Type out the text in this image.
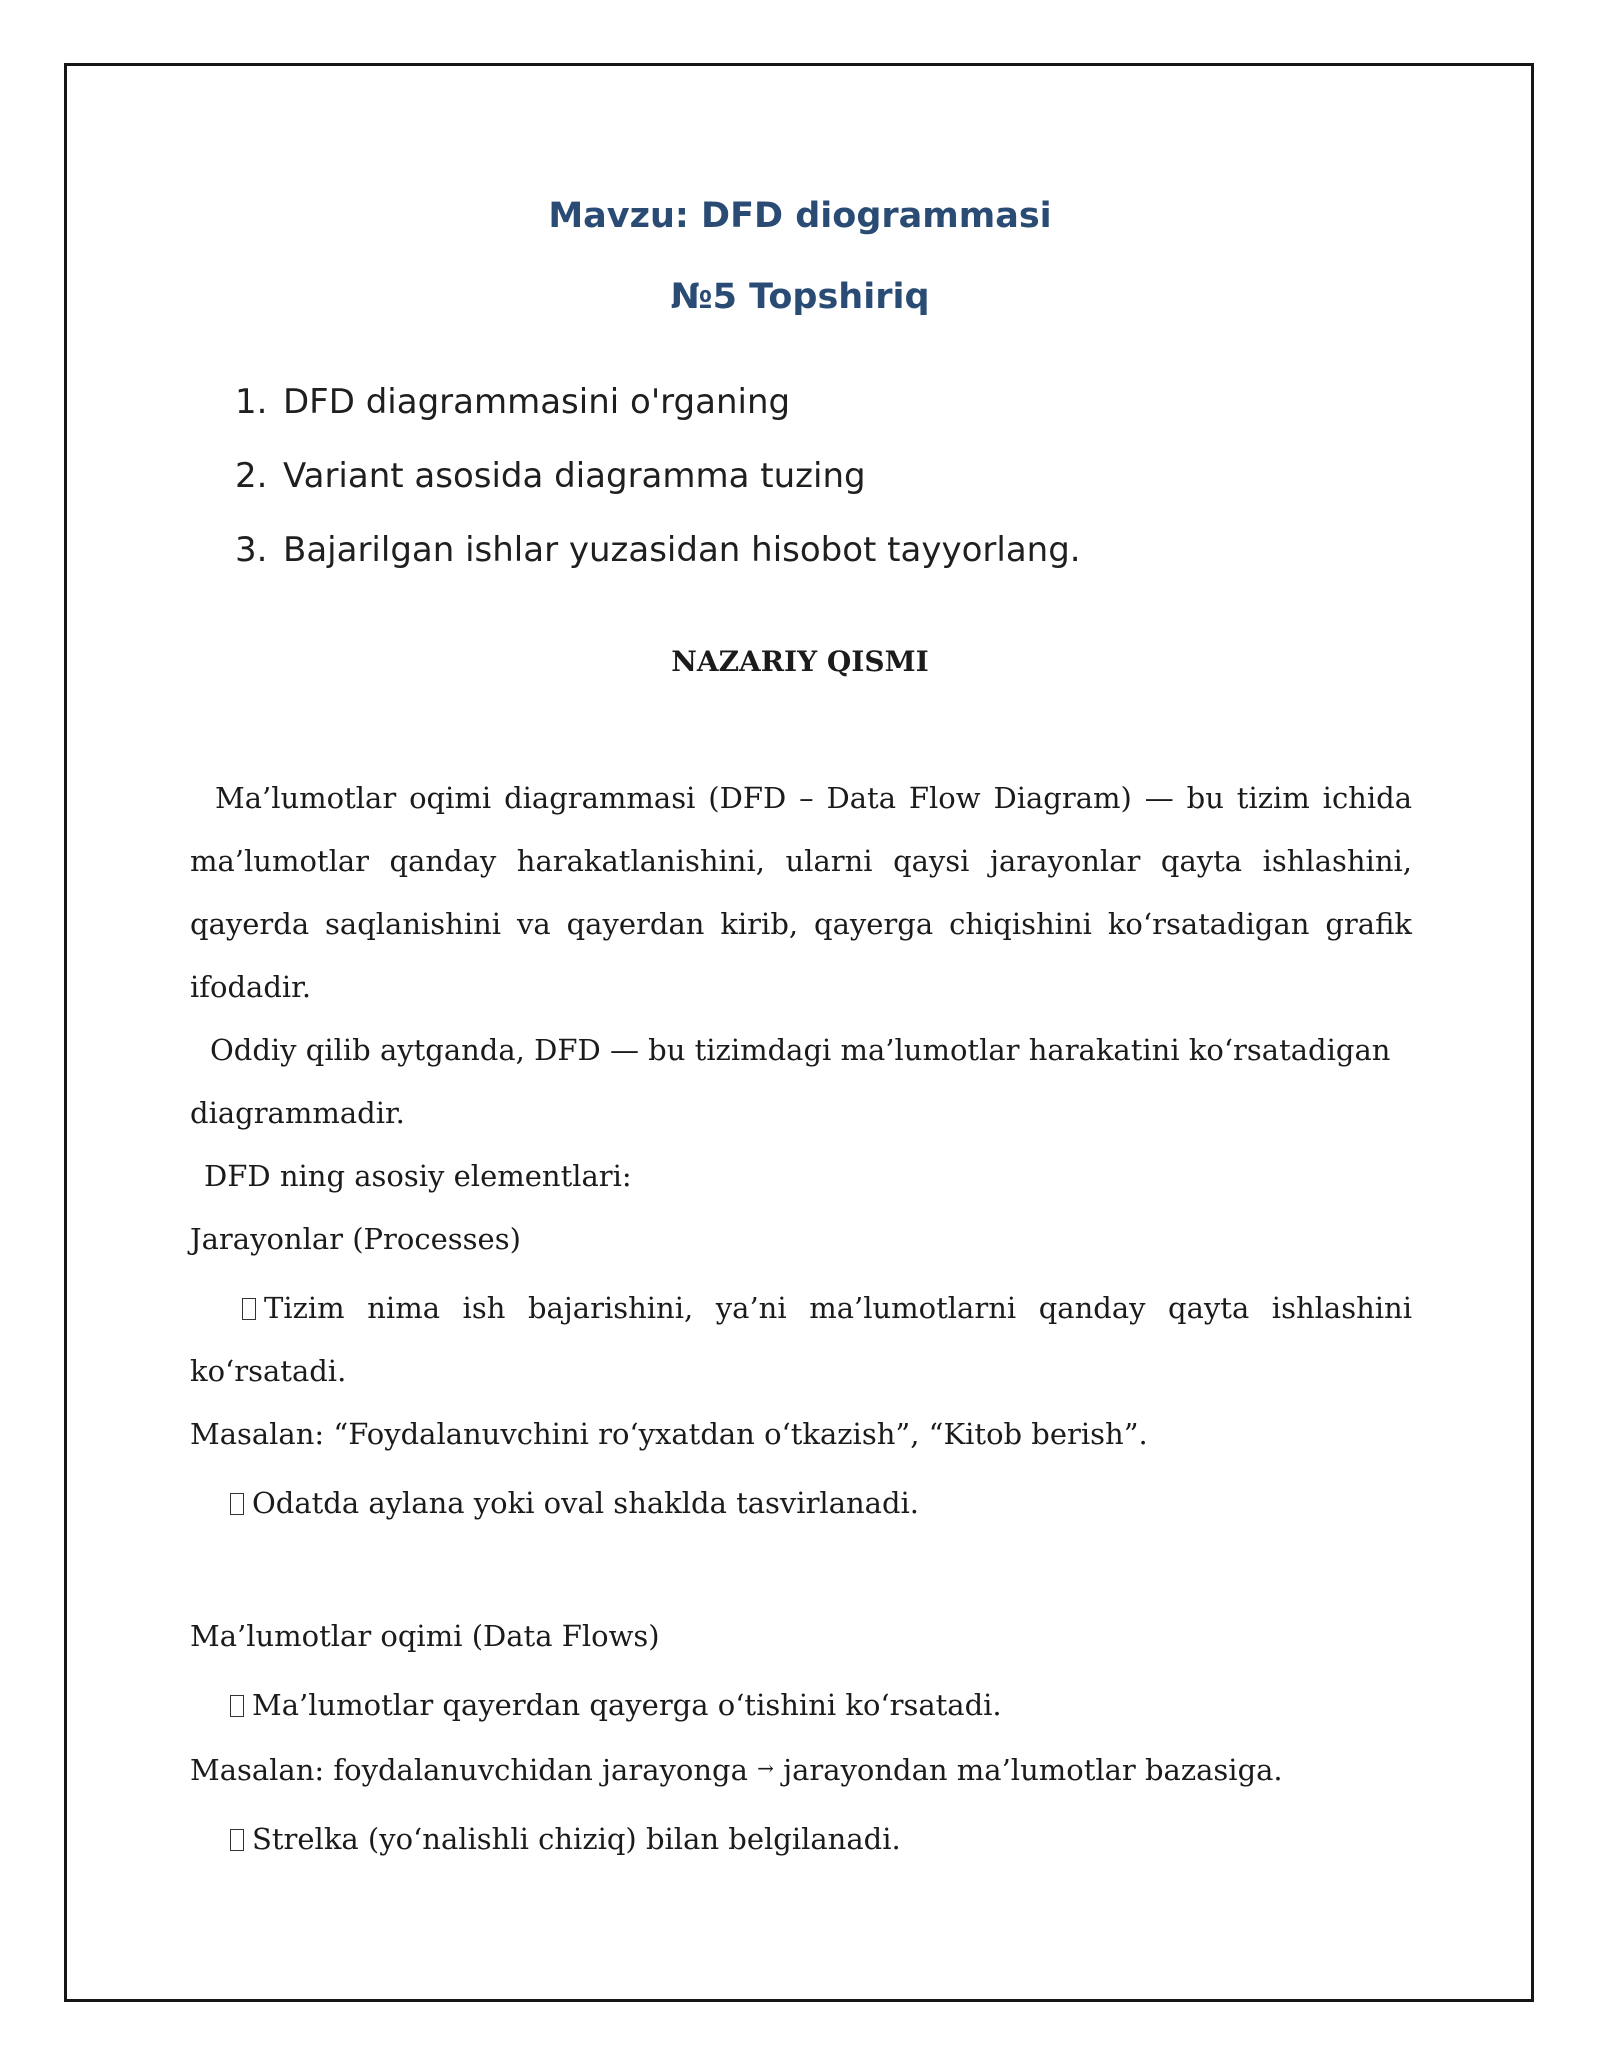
Mavzu: DFD diogrammasi
№5 Topshiriq
1. DFD diagrammasini o'rganing
2. Variant asosida diagramma tuzing
3. Bajarilgan ishlar yuzasidan hisobot tayyorlang.
NAZARIY QISMI

Ma’lumotlar oqimi diagrammasi (DFD – Data Flow Diagram) — bu tizim ichida ma’lumotlar qanday harakatlanishini, ularni qaysi jarayonlar qayta ishlashini, qayerda saqlanishini va qayerdan kirib, qayerga chiqishini ko‘rsatadigan grafik ifodadir.

Oddiy qilib aytganda, DFD — bu tizimdagi ma’lumotlar harakatini ko‘rsatadigan diagrammadir.

DFD ning asosiy elementlari:

Jarayonlar (Processes)

Tizim nima ish bajarishini, ya’ni ma’lumotlarni qanday qayta ishlashini ko‘rsatadi.

Masalan: “Foydalanuvchini ro‘yxatdan o‘tkazish”, “Kitob berish”.

Odatda aylana yoki oval shaklda tasvirlanadi.

Ma’lumotlar oqimi (Data Flows)

Ma’lumotlar qayerdan qayerga o‘tishini ko‘rsatadi.

Masalan: foydalanuvchidan jarayonga → jarayondan ma’lumotlar bazasiga.

Strelka (yo‘nalishli chiziq) bilan belgilanadi.
